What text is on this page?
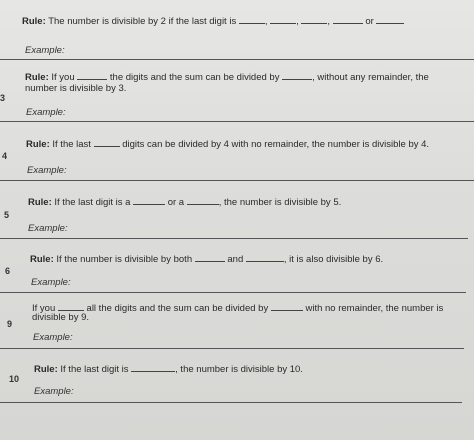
Rule: The number is divisible by 2 if the last digit is	,	,	,	or
Example:
3
Rule: If you	the digits and the sum can be divided by	, without any remainder, the
number is divisible by 3.
Example:
4
Rule: If the last	digits can be divided by 4 with no remainder, the number is divisible by 4.
Example:
5
Rule: If the last digit is a	or a	, the number is divisible by 5.
Example:
6
Rule: If the number is divisible by both	and	, it is also divisible by 6.
Example:
9
If you	all the digits and the sum can be divided by	with no remainder, the number is
divisible by 9.
Example:
10
Rule: If the last digit is	, the number is divisible by 10.
Example:
